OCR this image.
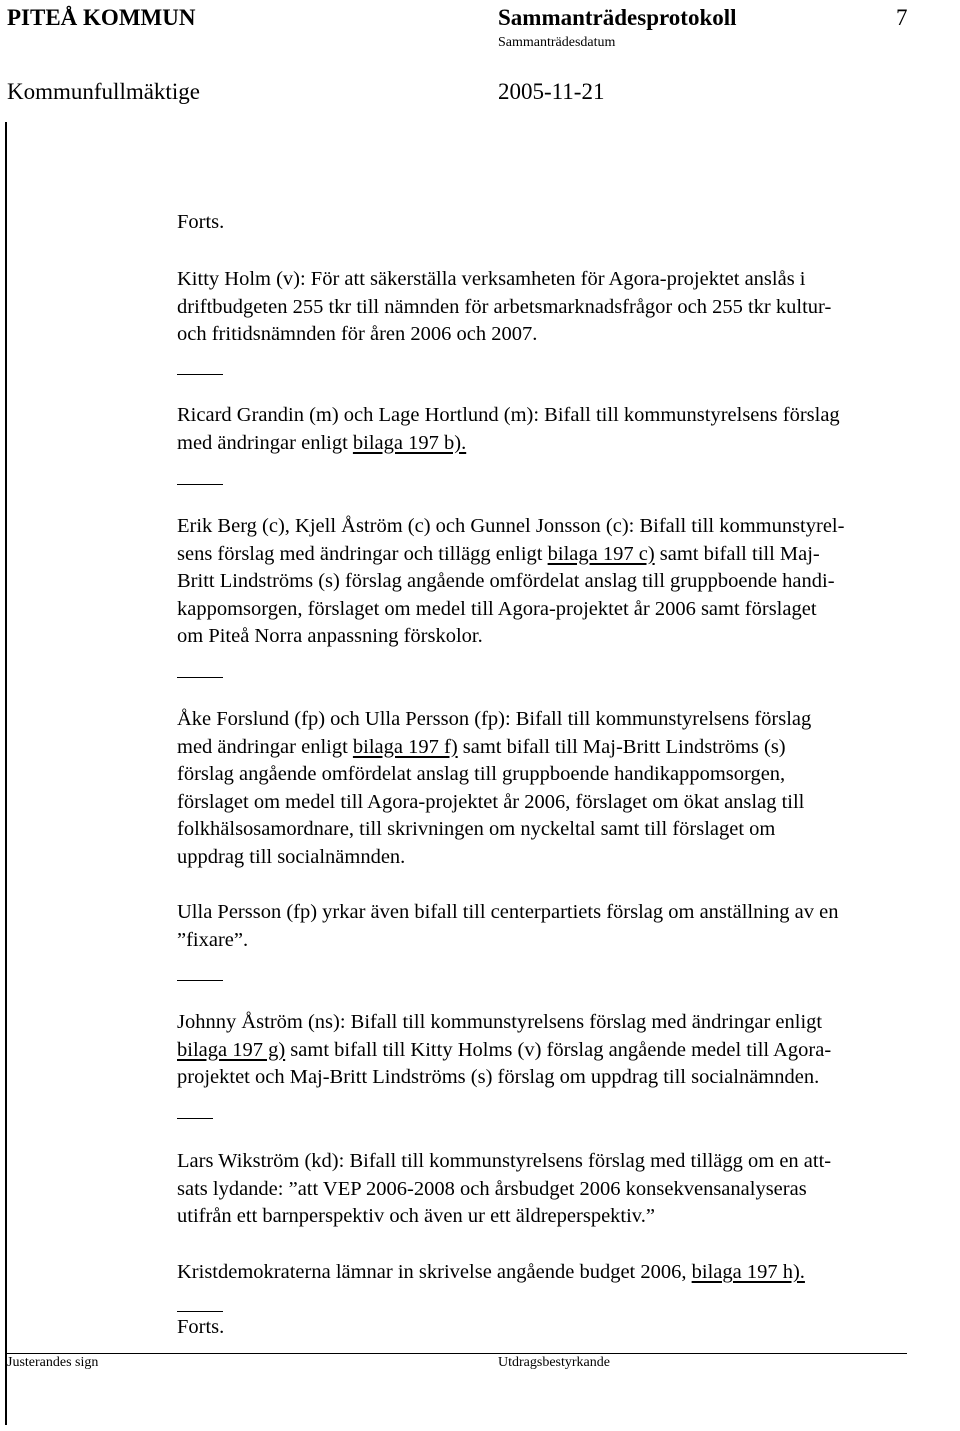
PITEÅ KOMMUN	Sammanträdesprotokoll	7
Sammanträdesdatum
Kommunfullmäktige	2005-11-21
Forts.
Kitty Holm (v): För att säkerställa verksamheten för Agora-projektet anslås i
driftbudgeten 255 tkr till nämnden för arbetsmarknadsfrågor och 255 tkr kultur-
och fritidsnämnden för åren 2006 och 2007.
Ricard Grandin (m) och Lage Hortlund (m): Bifall till kommunstyrelsens förslag
med ändringar enligt bilaga 197 b).
Erik Berg (c), Kjell Åström (c) och Gunnel Jonsson (c): Bifall till kommunstyrel-
sens förslag med ändringar och tillägg enligt bilaga 197 c) samt bifall till Maj-
Britt Lindströms (s) förslag angående omfördelat anslag till gruppboende handi-
kappomsorgen, förslaget om medel till Agora-projektet år 2006 samt förslaget
om Piteå Norra anpassning förskolor.
Åke Forslund (fp) och Ulla Persson (fp): Bifall till kommunstyrelsens förslag
med ändringar enligt bilaga 197 f) samt bifall till Maj-Britt Lindströms (s)
förslag angående omfördelat anslag till gruppboende handikappomsorgen,
förslaget om medel till Agora-projektet år 2006, förslaget om ökat anslag till
folkhälsosamordnare, till skrivningen om nyckeltal samt till förslaget om
uppdrag till socialnämnden.
Ulla Persson (fp) yrkar även bifall till centerpartiets förslag om anställning av en
”fixare”.
Johnny Åström (ns): Bifall till kommunstyrelsens förslag med ändringar enligt
bilaga 197 g) samt bifall till Kitty Holms (v) förslag angående medel till Agora-
projektet och Maj-Britt Lindströms (s) förslag om uppdrag till socialnämnden.
Lars Wikström (kd): Bifall till kommunstyrelsens förslag med tillägg om en att-
sats lydande: ”att VEP 2006-2008 och årsbudget 2006 konsekvensanalyseras
utifrån ett barnperspektiv och även ur ett äldreperspektiv.”
Kristdemokraterna lämnar in skrivelse angående budget 2006, bilaga 197 h).
Forts.
Justerandes sign	Utdragsbestyrkande
